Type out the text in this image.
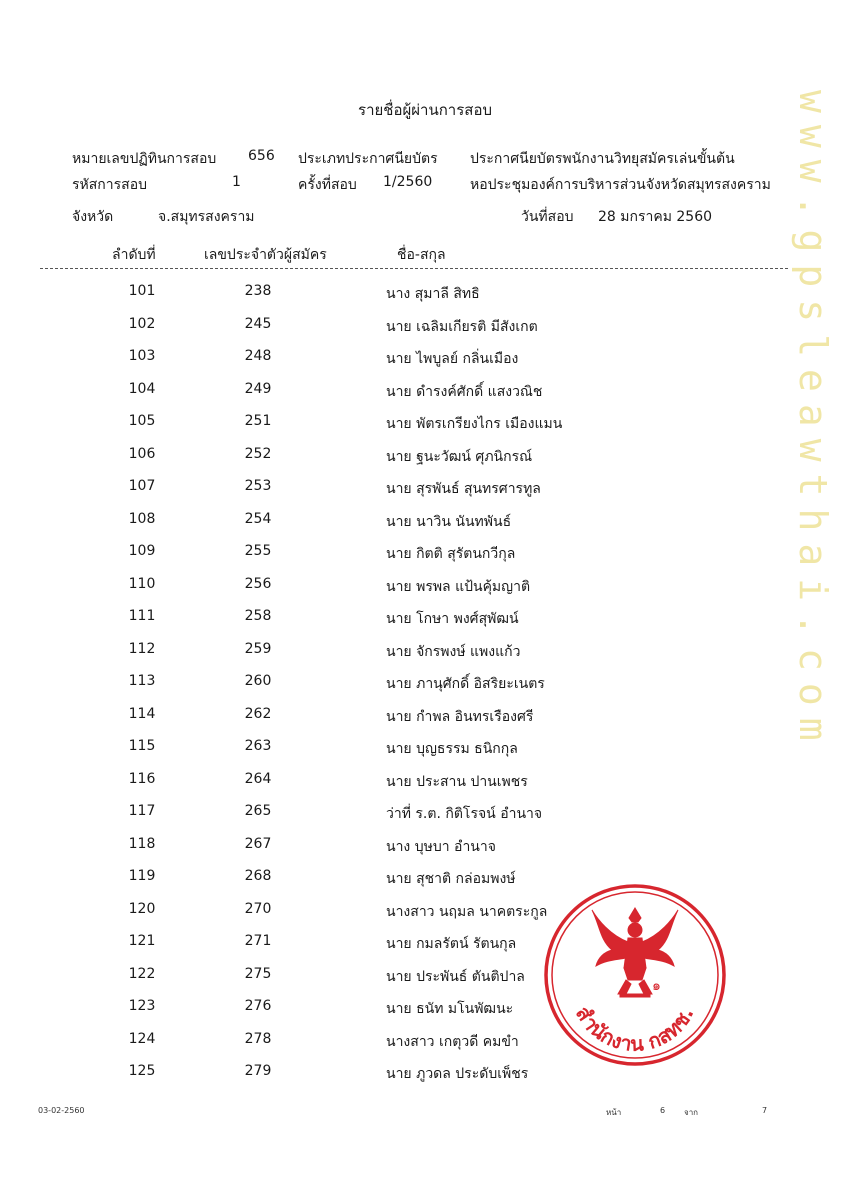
รายชื่อผู้ผ่านการสอบ
หมายเลขปฏิทินการสอบ 656 ประเภทประกาศนียบัตร ประกาศนียบัตรพนักงานวิทยุสมัครเล่นขั้นต้น
รหัสการสอบ	1	ครั้งที่สอบ 1/2560	หอประชุมองค์การบริหารส่วนจังหวัดสมุทรสงคราม
จังหวัด	จ.สมุทรสงคราม	วันที่สอบ 28 มกราคม 2560
ลำดับที่	เลขประจำตัวผู้สมัคร	ชื่อ-สกุล
101	238	นาง สุมาลี สิทธิ
102	245	นาย เฉลิมเกียรติ มีสังเกต
103	248	นาย ไพบูลย์ กลิ่นเมือง
104	249	นาย ดำรงค์ศักดิ์ แสงวณิช
105	251	นาย พัตรเกรียงไกร เมืองแมน
106	252	นาย ฐนะวัฒน์ ศุภนิกรณ์
107	253	นาย สุรพันธ์ สุนทรศารทูล
108	254	นาย นาวิน นันทพันธ์
109	255	นาย กิตติ สุรัตนกวีกุล
110	256	นาย พรพล แป้นคุ้มญาติ
111	258	นาย โกษา พงศ์สุพัฒน์
112	259	นาย จักรพงษ์ แพงแก้ว
113	260	นาย ภานุศักดิ์ อิสริยะเนตร
114	262	นาย กำพล อินทรเรืองศรี
115	263	นาย บุญธรรม ธนิกกุล
116	264	นาย ประสาน ปานเพชร
117	265	ว่าที่ ร.ต. กิติโรจน์ อำนาจ
118	267	นาง บุษบา อำนาจ
119	268	นาย สุชาติ กล่อมพงษ์
120	270	นางสาว นฤมล นาคตระกูล
121	271	นาย กมลรัตน์ รัตนกุล
122	275	นาย ประพันธ์ ตันติปาล
123	276	นาย ธนัท มโนพัฒนะ
124	278	นางสาว เกตุวดี คมขำ
125	279	นาย ภูวดล ประดับเพ็ชร
www.gpsleawthai.com
๑
สำนักงาน กสทช.
03-02-2560	หน้า	6 จาก	7
